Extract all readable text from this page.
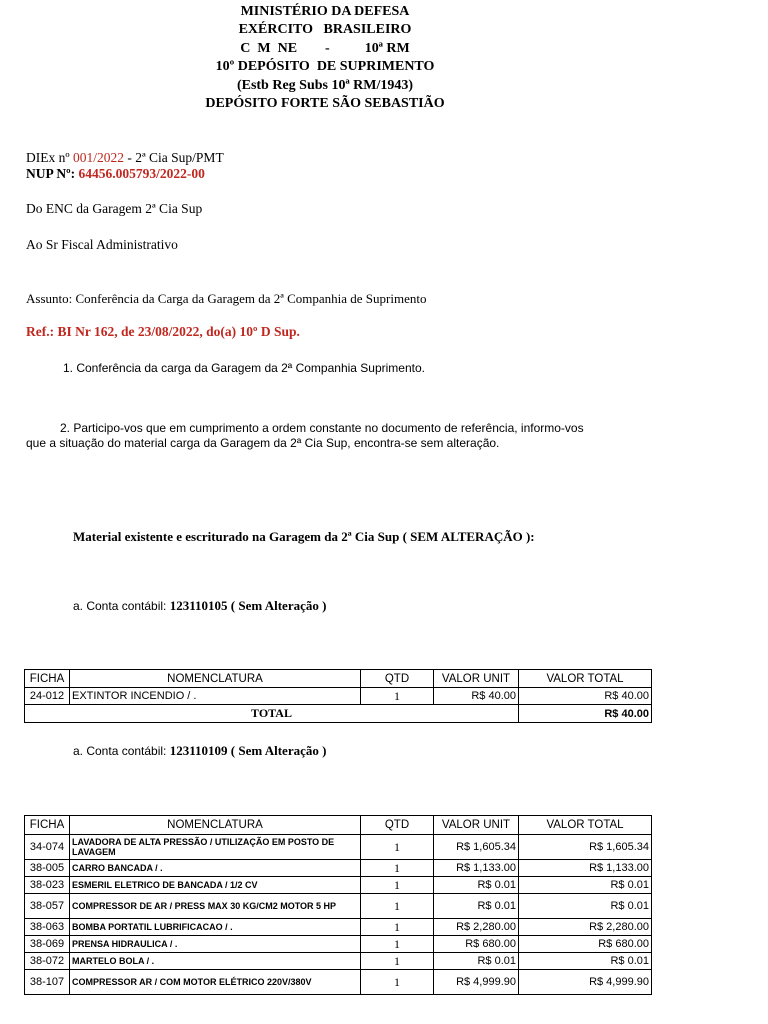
MINISTÉRIO DA DEFESA
EXÉRCITO   BRASILEIRO
C  M  NE        -          10ª RM
10º DEPÓSITO  DE SUPRIMENTO
(Estb Reg Subs 10ª RM/1943)
DEPÓSITO FORTE SÃO SEBASTIÃO
DIEx nº 001/2022 - 2ª Cia Sup/PMT
NUP Nº: 64456.005793/2022-00
Do ENC da Garagem 2ª Cia Sup
Ao Sr Fiscal Administrativo
Assunto: Conferência da Carga da Garagem da 2ª Companhia de Suprimento
Ref.: BI Nr 162, de 23/08/2022, do(a) 10º D Sup.
1. Conferência da carga da Garagem da 2ª Companhia Suprimento.
2. Participo-vos que em cumprimento a ordem constante no documento de referência, informo-vos
que a situação do material carga da Garagem da 2ª Cia Sup, encontra-se sem alteração.
Material existente e escriturado na Garagem da 2ª Cia Sup ( SEM ALTERAÇÃO ):
a. Conta contábil: 123110105 ( Sem Alteração )
FICHA	NOMENCLATURA	QTD	VALOR UNIT	VALOR TOTAL
24-012	EXTINTOR INCENDIO / .	1	R$ 40.00	R$ 40.00
TOTAL				R$ 40.00
a. Conta contábil: 123110109 ( Sem Alteração )
FICHA	NOMENCLATURA	QTD	VALOR UNIT	VALOR TOTAL
34-074	LAVADORA DE ALTA PRESSÃO / UTILIZAÇÃO EM POSTO DE LAVAGEM	1	R$ 1,605.34	R$ 1,605.34
38-005	CARRO BANCADA / .	1	R$ 1,133.00	R$ 1,133.00
38-023	ESMERIL ELETRICO DE BANCADA / 1/2 CV	1	R$ 0.01	R$ 0.01
38-057	COMPRESSOR DE AR / PRESS MAX 30 KG/CM2 MOTOR 5 HP	1	R$ 0.01	R$ 0.01
38-063	BOMBA PORTATIL LUBRIFICACAO / .	1	R$ 2,280.00	R$ 2,280.00
38-069	PRENSA HIDRAULICA / .	1	R$ 680.00	R$ 680.00
38-072	MARTELO BOLA / .	1	R$ 0.01	R$ 0.01
38-107	COMPRESSOR AR / COM MOTOR ELÉTRICO 220V/380V	1	R$ 4,999.90	R$ 4,999.90
